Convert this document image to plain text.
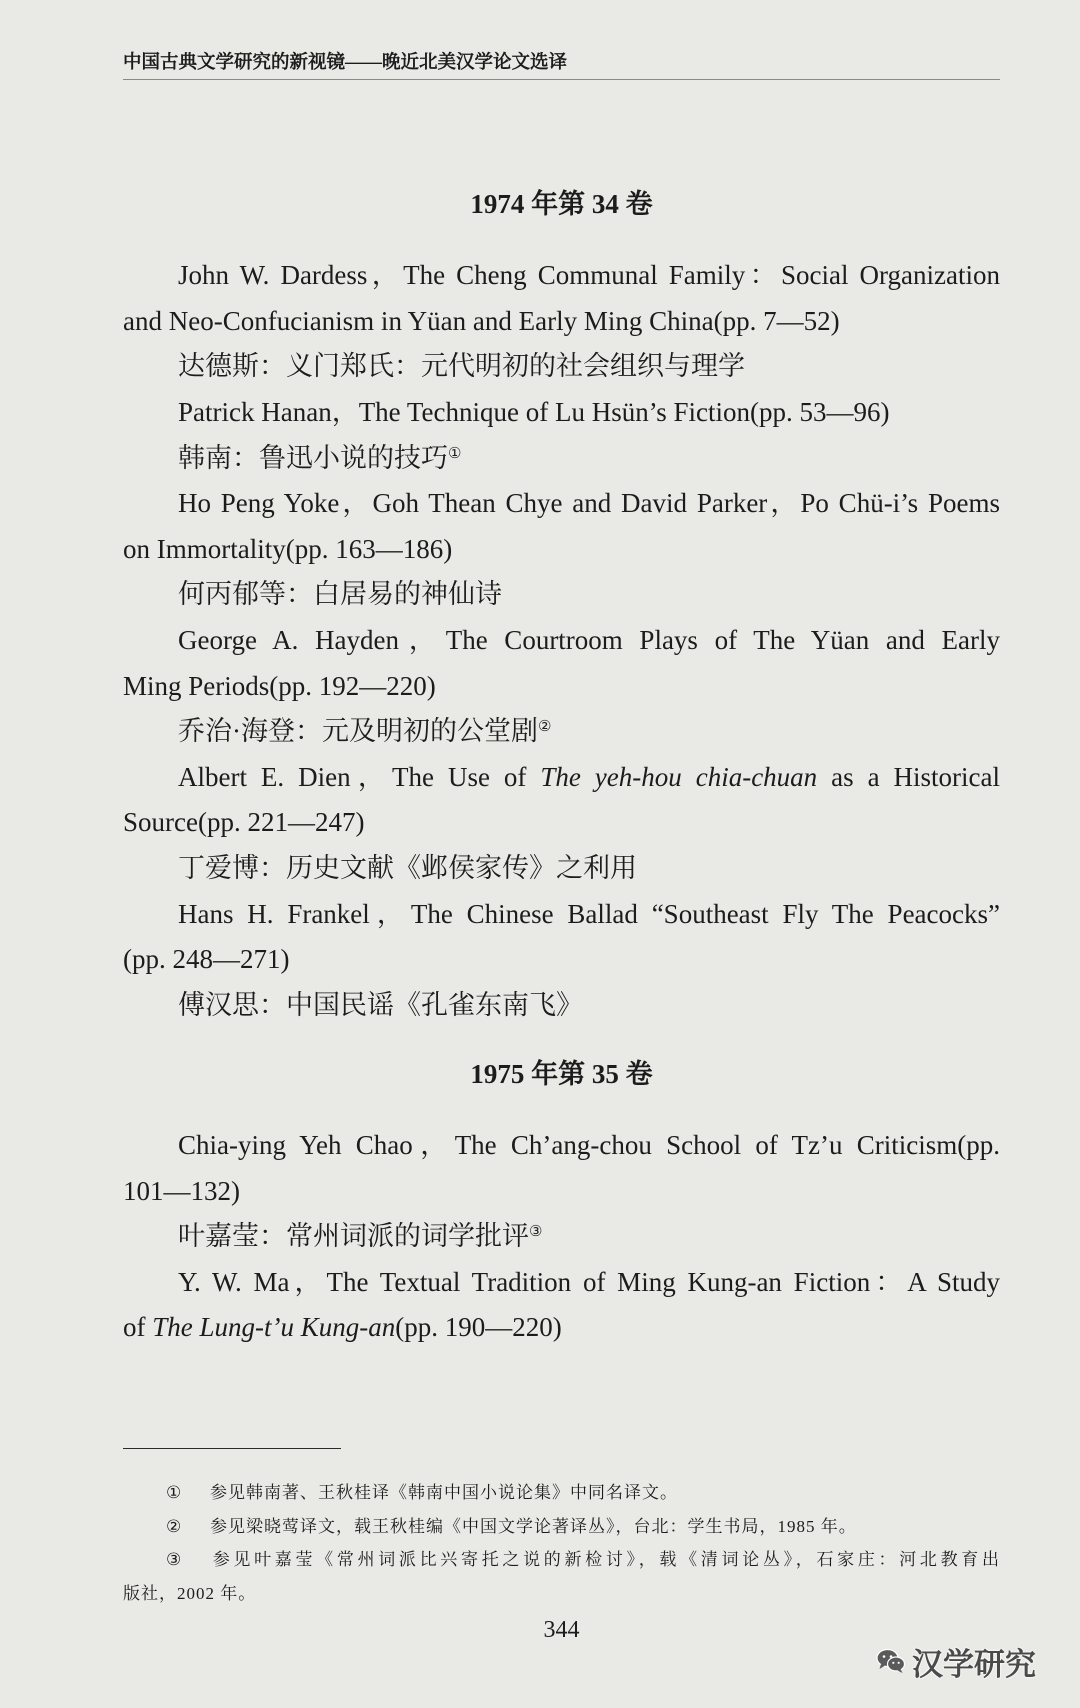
中国古典文学研究的新视镜——晚近北美汉学论文选译
1974 年第 34 卷
John W. Dardess，The Cheng Communal Family：Social Organization
and Neo-Confucianism in Yüan and Early Ming China(pp. 7—52)
达德斯：义门郑氏：元代明初的社会组织与理学
Patrick Hanan，The Technique of Lu Hsün’s Fiction(pp. 53—96)
韩南：鲁迅小说的技巧①
Ho Peng Yoke，Goh Thean Chye and David Parker，Po Chü-i’s Poems
on Immortality(pp. 163—186)
何丙郁等：白居易的神仙诗
George A. Hayden，The Courtroom Plays of The Yüan and Early
Ming Periods(pp. 192—220)
乔治·海登：元及明初的公堂剧②
Albert E. Dien，The Use of The yeh-hou chia-chuan as a Historical
Source(pp. 221—247)
丁爱博：历史文献《邺侯家传》之利用
Hans H. Frankel，The Chinese Ballad “Southeast Fly The Peacocks”
(pp. 248—271)
傅汉思：中国民谣《孔雀东南飞》
1975 年第 35 卷
Chia-ying Yeh Chao，The Ch’ang-chou School of Tz’u Criticism(pp.
101—132)
叶嘉莹：常州词派的词学批评③
Y. W. Ma，The Textual Tradition of Ming Kung-an Fiction：A Study
of The Lung-t’u Kung-an(pp. 190—220)
① 参见韩南著、王秋桂译《韩南中国小说论集》中同名译文。
② 参见梁晓莺译文，载王秋桂编《中国文学论著译丛》，台北：学生书局，1985 年。
③ 参见叶嘉莹《常州词派比兴寄托之说的新检讨》，载《清词论丛》，石家庄：河北教育出
版社，2002 年。
344
汉学研究
